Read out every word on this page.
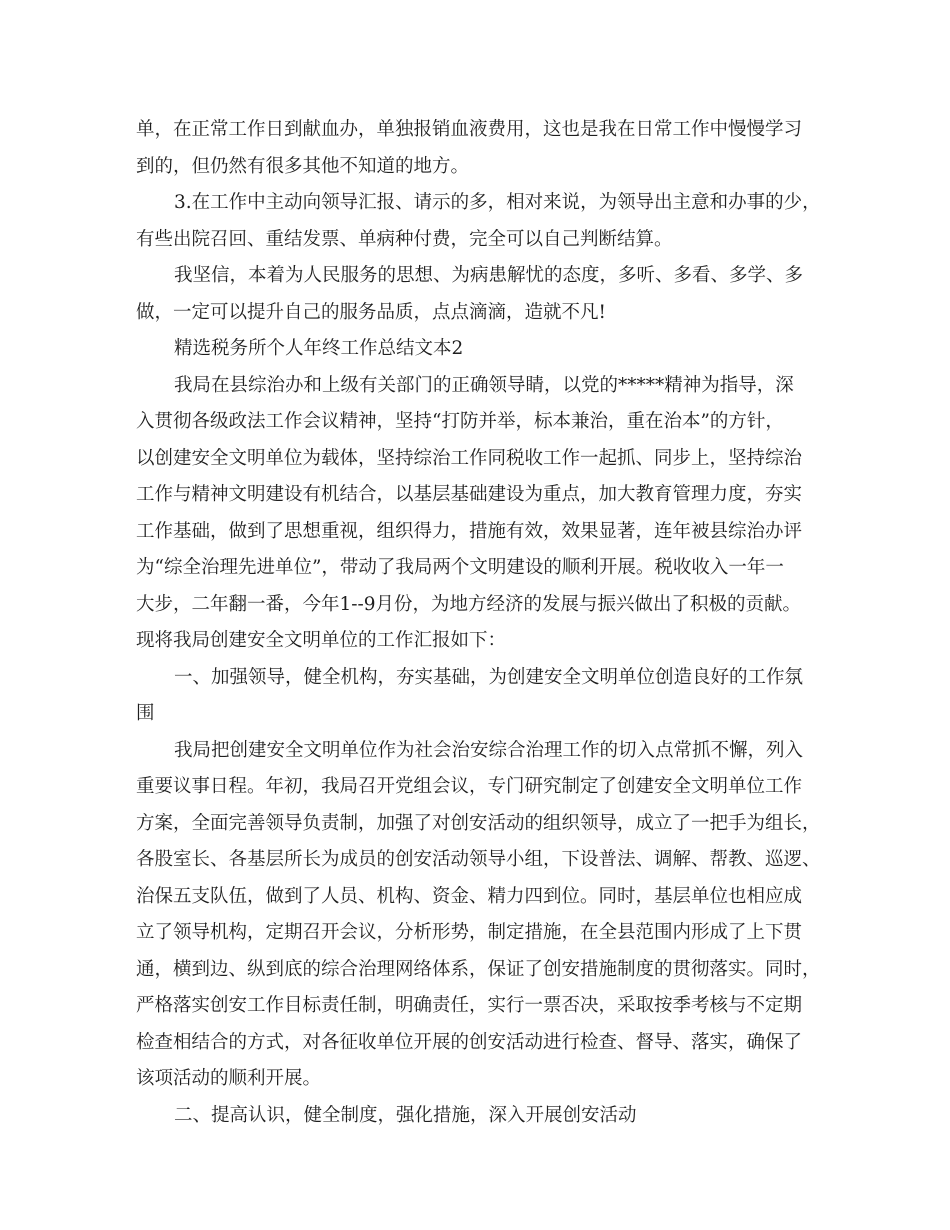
单，在正常工作日到献血办，单独报销血液费用，这也是我在日常工作中慢慢学习
到的，但仍然有很多其他不知道的地方。

3.在工作中主动向领导汇报、请示的多，相对来说，为领导出主意和办事的少，
有些出院召回、重结发票、单病种付费，完全可以自己判断结算。

我坚信，本着为人民服务的思想、为病患解忧的态度，多听、多看、多学、多
做，一定可以提升自己的服务品质，点点滴滴，造就不凡!

精选税务所个人年终工作总结文本2

我局在县综治办和上级有关部门的正确领导睛，以党的*****精神为指导，深
入贯彻各级政法工作会议精神，坚持“打防并举，标本兼治，重在治本”的方针，
以创建安全文明单位为载体，坚持综治工作同税收工作一起抓、同步上，坚持综治
工作与精神文明建设有机结合，以基层基础建设为重点，加大教育管理力度，夯实
工作基础，做到了思想重视，组织得力，措施有效，效果显著，连年被县综治办评
为“综全治理先进单位”，带动了我局两个文明建设的顺利开展。税收收入一年一
大步，二年翻一番，今年1--9月份，为地方经济的发展与振兴做出了积极的贡献。
现将我局创建安全文明单位的工作汇报如下：

一、加强领导，健全机构，夯实基础，为创建安全文明单位创造良好的工作氛
围

我局把创建安全文明单位作为社会治安综合治理工作的切入点常抓不懈，列入
重要议事日程。年初，我局召开党组会议，专门研究制定了创建安全文明单位工作
方案，全面完善领导负责制，加强了对创安活动的组织领导，成立了一把手为组长，
各股室长、各基层所长为成员的创安活动领导小组，下设普法、调解、帮教、巡逻、
治保五支队伍，做到了人员、机构、资金、精力四到位。同时，基层单位也相应成
立了领导机构，定期召开会议，分析形势，制定措施，在全县范围内形成了上下贯
通，横到边、纵到底的综合治理网络体系，保证了创安措施制度的贯彻落实。同时，
严格落实创安工作目标责任制，明确责任，实行一票否决，采取按季考核与不定期
检查相结合的方式，对各征收单位开展的创安活动进行检查、督导、落实，确保了
该项活动的顺利开展。

二、提高认识，健全制度，强化措施，深入开展创安活动
